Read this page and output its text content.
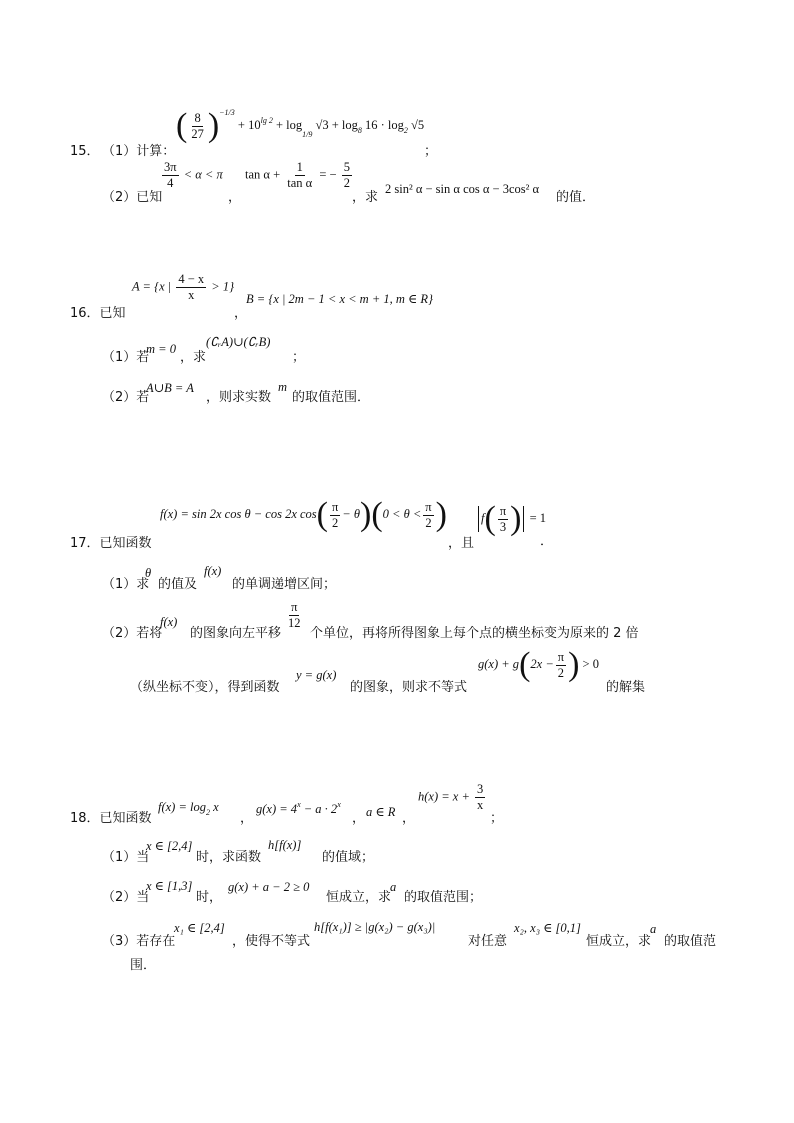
15． （1）计算：
( $\frac{8}{27} )^{-1/3} + 10^{lg 2} + \log_{1/9} √3 + \log_8 16 \cdot \log_2 √5$
；
（2）已知
$\frac{3\pi}{4} < \alpha < \pi$
，
$\tan \alpha + \frac{1}{\text{tan α}}$ = − $\frac{5}{2}$
，求
2 sin² α − sin α cos α − 3cos² α
的值．
16．已知
A = {x | $\frac{4 - x}{x} > 1$}
，
B = {x | 2m − 1 < x < m + 1, m ∈ R}
（1）若
m = 0
，求
(∁ᵣA)∪(∁ᵣB)
；
（2）若
A∪B = A
，则求实数
m
的取值范围．
17．已知函数
f(x) = sin 2x cos θ − cos 2x $\cos( \frac{\pi}{2} - \theta)(0 < \theta < \frac{\pi}{2}$ )
，且
$f( \frac{\pi}{3}$ ) = 1
．
（1）求
θ
的值及
f(x)
的单调递增区间；
（2）若将
f(x)
的图象向左平移
$\frac{\pi}{12}$
个单位，再将所得图象上每个点的横坐标变为原来的 2 倍
（纵坐标不变），得到函数
y = g(x)
的图象，则求不等式
$g(x) + g(2x - \frac{\pi}{2}$ ) > 0
的解集
18．已知函数
$f(x) = \log_2 x$
，
$g(x) = 4^x - a \cdot 2^x$
， a ∈ R ，
$h(x) = x + \frac{3}{x}$
；
（1）当
x ∈ [2,4]
时，求函数
h[f(x)]
的值域；
（2）当
x ∈ [1,3]
时，
g(x) + a − 2 ≥ 0
恒成立，求
a
的取值范围；
（3）若存在
x₁ ∈ [2,4]
，使得不等式
h[f(x₁)] ≥ |g(x₂) − g(x₃)|
对任意
x₂, x₃ ∈ [0,1]
恒成立，求
a
的取值范
围．
